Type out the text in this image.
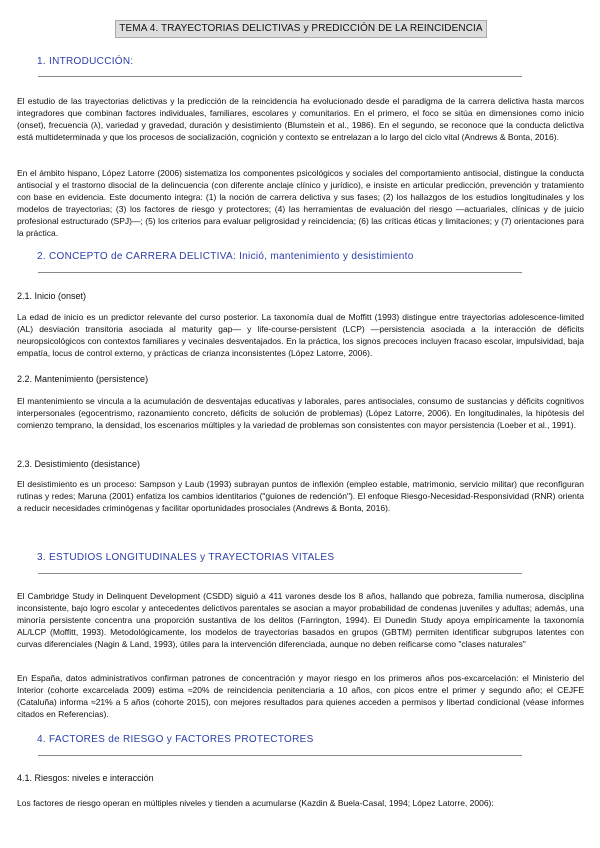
TEMA 4. TRAYECTORIAS DELICTIVAS y PREDICCIÓN DE LA REINCIDENCIA
1. INTRODUCCIÓN:

El estudio de las trayectorias delictivas y la predicción de la reincidencia ha evolucionado desde el paradigma de la carrera delictiva hasta marcos integradores que combinan factores individuales, familiares, escolares y comunitarios. En el primero, el foco se sitúa en dimensiones como inicio (onset), frecuencia (λ), variedad y gravedad, duración y desistimiento (Blumstein et al., 1986). En el segundo, se reconoce que la conducta delictiva está multideterminada y que los procesos de socialización, cognición y contexto se entrelazan a lo largo del ciclo vital (Andrews & Bonta, 2016).

En el ámbito hispano, López Latorre (2006) sistematiza los componentes psicológicos y sociales del comportamiento antisocial, distingue la conducta antisocial y el trastorno disocial de la delincuencia (con diferente anclaje clínico y jurídico), e insiste en articular predicción, prevención y tratamiento con base en evidencia. Este documento integra: (1) la noción de carrera delictiva y sus fases; (2) los hallazgos de los estudios longitudinales y los modelos de trayectorias; (3) los factores de riesgo y protectores; (4) las herramientas de evaluación del riesgo —actuariales, clínicas y de juicio profesional estructurado (SPJ)—; (5) los criterios para evaluar peligrosidad y reincidencia; (6) las críticas éticas y limitaciones; y (7) orientaciones para la práctica.

2. CONCEPTO de CARRERA DELICTIVA: Inició, mantenimiento y desistimiento
2.1. Inicio (onset)

La edad de inicio es un predictor relevante del curso posterior. La taxonomía dual de Moffitt (1993) distingue entre trayectorias adolescence-limited (AL) desviación transitoria asociada al maturity gap— y life-course-persistent (LCP) —persistencia asociada a la interacción de déficits neuropsicológicos con contextos familiares y vecinales desventajados. En la práctica, los signos precoces incluyen fracaso escolar, impulsividad, baja empatía, locus de control externo, y prácticas de crianza inconsistentes (López Latorre, 2006).

2.2. Mantenimiento (persistence)

El mantenimiento se vincula a la acumulación de desventajas educativas y laborales, pares antisociales, consumo de sustancias y déficits cognitivos interpersonales (egocentrismo, razonamiento concreto, déficits de solución de problemas) (López Latorre, 2006). En longitudinales, la hipótesis del comienzo temprano, la densidad, los escenarios múltiples y la variedad de problemas son consistentes con mayor persistencia (Loeber et al., 1991).

2.3. Desistimiento (desistance)

El desistimiento es un proceso: Sampson y Laub (1993) subrayan puntos de inflexión (empleo estable, matrimonio, servicio militar) que reconfiguran rutinas y redes; Maruna (2001) enfatiza los cambios identitarios ("guiones de redención"). El enfoque Riesgo-Necesidad-Responsividad (RNR) orienta a reducir necesidades criminógenas y facilitar oportunidades prosociales (Andrews & Bonta, 2016).

3. ESTUDIOS LONGITUDINALES y TRAYECTORIAS VITALES

El Cambridge Study in Delinquent Development (CSDD) siguió a 411 varones desde los 8 años, hallando que pobreza, familia numerosa, disciplina inconsistente, bajo logro escolar y antecedentes delictivos parentales se asocian a mayor probabilidad de condenas juveniles y adultas; además, una minoría persistente concentra una proporción sustantiva de los delitos (Farrington, 1994). El Dunedin Study apoya empíricamente la taxonomía AL/LCP (Moffitt, 1993). Metodológicamente, los modelos de trayectorias basados en grupos (GBTM) permiten identificar subgrupos latentes con curvas diferenciales (Nagin & Land, 1993), útiles para la intervención diferenciada, aunque no deben reificarse como "clases naturales"

En España, datos administrativos confirman patrones de concentración y mayor riesgo en los primeros años pos-excarcelación: el Ministerio del Interior (cohorte excarcelada 2009) estima ≈20% de reincidencia penitenciaria a 10 años, con picos entre el primer y segundo año; el CEJFE (Cataluña) informa ≈21% a 5 años (cohorte 2015), con mejores resultados para quienes acceden a permisos y libertad condicional (véase informes citados en Referencias).

4. FACTORES de RIESGO y FACTORES PROTECTORES
4.1. Riesgos: niveles e interacción

Los factores de riesgo operan en múltiples niveles y tienden a acumularse (Kazdin & Buela-Casal, 1994; López Latorre, 2006):
